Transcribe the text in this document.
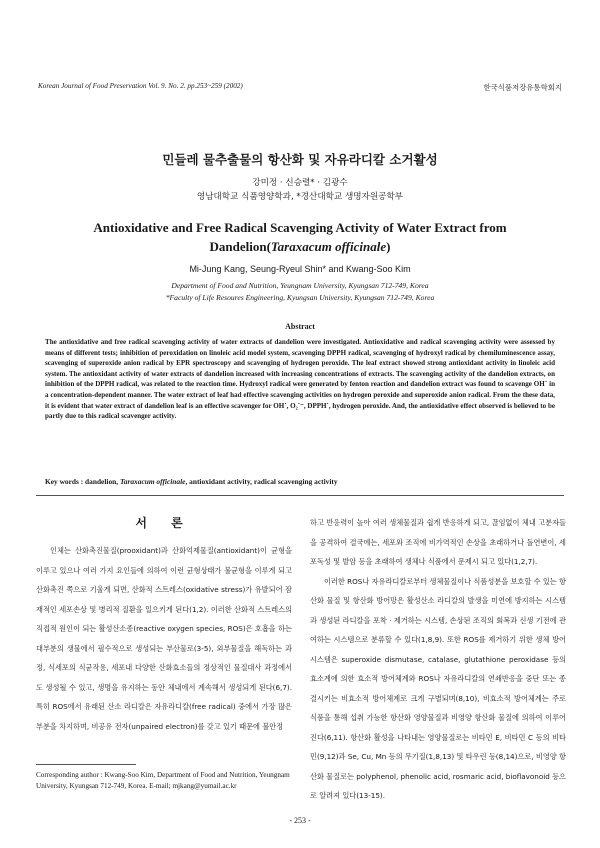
Korean Journal of Food Preservation Vol. 9. No. 2. pp.253~259 (2002)	한국식품저장유통학회지
민들레 물추출물의 항산화 및 자유라디칼 소거활성
강미정 · 신승렬* · 김광수
영남대학교 식품영양학과, *경산대학교 생명자원공학부
Antioxidative and Free Radical Scavenging Activity of Water Extract from
Dandelion(Taraxacum officinale)
Mi-Jung Kang, Seung-Ryeul Shin* and Kwang-Soo Kim
Department of Food and Nutrition, Yeungnam University, Kyungsan 712-749, Korea
*Faculty of Life Resoures Engineering, Kyungsan University, Kyungsan 712-749, Korea
Abstract
The antioxidative and free radical scavenging activity of water extracts of dandelion were investigated. Antioxidative and radical scavenging activity were assessed by means of different tests; inhibition of peroxidation on linoleic acid model system, scavenging DPPH radical, scavenging of hydroxyl radical by chemiluminescence assay, scavenging of superoxide anion radical by EPR spectroscopy and scavenging of hydrogen peroxide. The leaf extract showed strong antioxidant activity in linoleic acid system. The antioxidant activity of water extracts of dandelion increased with increasing concentrations of extracts. The scavenging activity of the dandelion extracts, on inhibition of the DPPH radical, was related to the reaction time. Hydroxyl radical were generated by fenton reaction and dandelion extract was found to scavenge OH˙ in a concentration-dependent manner. The water extract of leaf had effective scavenging activities on hydrogen peroxide and superoxide anion radical. From the these data, it is evident that water extract of dandelion leaf is an effective scavenger for OH˙, O₂˙⁻, DPPH˙, hydrogen peroxide. And, the antioxidative effect observed is believed to be partly due to this radical scavenger activity.
Key words : dandelion, Taraxacum officinale, antioxidant activity, radical scavenging activity
서 론

인체는 산화촉진물질(prooxidant)과 산화억제물질(antioxidant)이 균형을 이루고 있으나 여러 가지 요인들에 의하여 이런 균형상태가 불균형을 이루게 되고 산화촉진 쪽으로 기울게 되면, 산화적 스트레스(oxidative stress)가 유발되어 잠재적인 세포손상 및 병리적 질환을 일으키게 된다(1,2). 이러한 산화적 스트레스의 직접적 원인이 되는 활성산소종(reactive oxygen species, ROS)은 호흡을 하는 대부분의 생물에서 필수적으로 생성되는 부산물로(3-5), 외부물질을 해독하는 과정, 식세포의 식균작용, 세포내 다양한 산화효소들의 정상적인 물질대사 과정에서도 생성될 수 있고, 생명을 유지하는 동안 체내에서 계속해서 생성되게 된다(6,7). 특히 ROS에서 유래된 산소 라디칼은 자유라디칼(free radical) 중에서 가장 많은 부분을 차지하며, 비공유 전자(unpaired electron)를 갖고 있기 때문에 불안정

하고 반응력이 높아 여러 생체물질과 쉽게 반응하게 되고, 끊임없이 체내 고분자들을 공격하여 결국에는, 세포와 조직에 비가역적인 손상을 초래하거나 돌연변이, 세포독성 및 발암 등을 초래하여 생체나 식품에서 문제시 되고 있다(1,2,7).

이러한 ROS나 자유라디칼로부터 생체물질이나 식품성분을 보호할 수 있는 항산화 물질 및 항산화 방어망은 활성산소 라디칼의 발생을 미연에 방지하는 시스템과 생성된 라디칼을 포착 · 제거하는 시스템, 손상된 조직의 회복과 신생 기전에 관여하는 시스템으로 분류할 수 있다(1,8,9). 또한 ROS를 제거하기 위한 생체 방어시스템은 superoxide dismutase, catalase, glutathione peroxidase 등의 효소계에 의한 효소적 방어체계와 ROS나 자유라디칼의 연쇄반응을 중단 또는 종결시키는 비효소적 방어체계로 크게 구별되며(8,10), 비효소적 방어체계는 주로 식품을 통해 섭취 가능한 항산화 영양물질과 비영양 항산화 물질에 의하여 이루어진다(6,11). 항산화 활성을 나타내는 영양물질로는 비타민 E, 비타민 C 등의 비타민(9,12)과 Se, Cu, Mn 등의 무기질(1,8,13) 및 타우린 등(8,14)으로, 비영양 항산화 물질로는 polyphenol, phenolic acid, rosmaric acid, bioflavonoid 등으로 알려져 있다(13-15).

Corresponding author : Kwang-Soo Kim, Department of Food and Nutrition, Yeungnam University, Kyungsan 712-749, Korea. E-mail; mjkang@yumail.ac.kr
- 253 -
